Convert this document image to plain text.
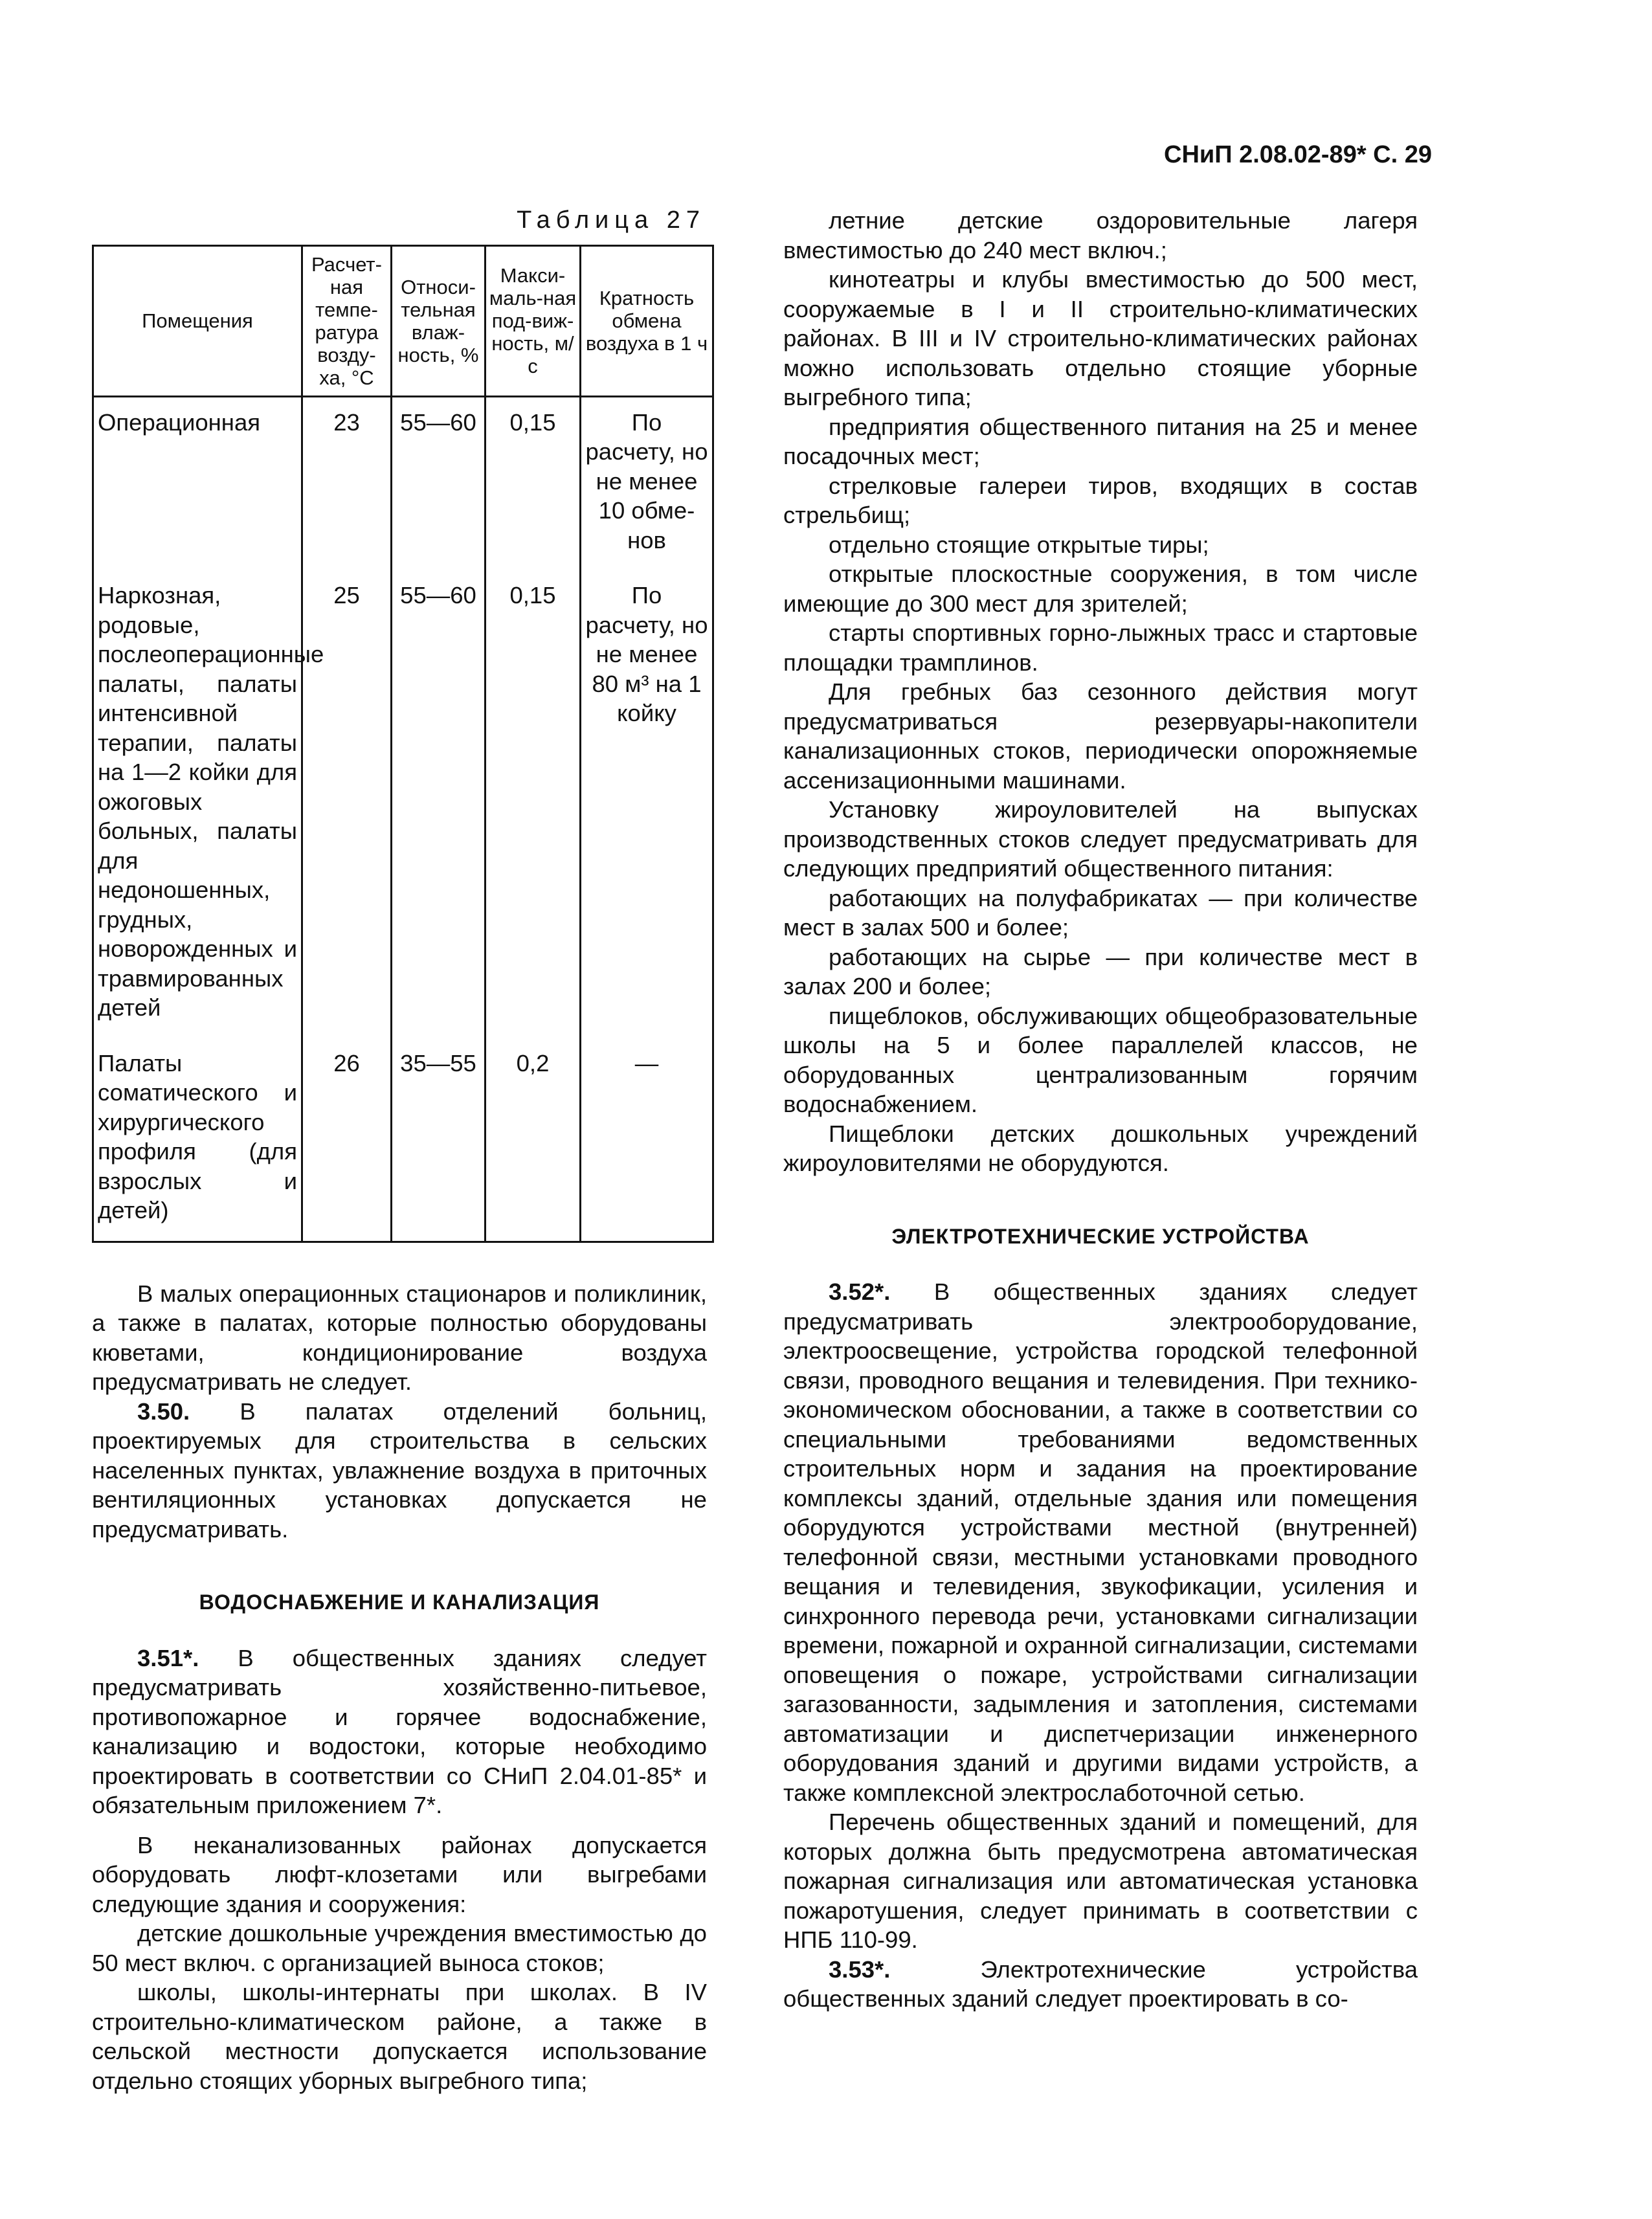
СНиП 2.08.02-89* С. 29
Таблица 27
Помещения	Расчет-ная темпе-ратура возду-ха, °С	Относи-тельная влаж-ность, %	Макси-маль-ная под-виж-ность, м/с	Кратность обмена воздуха в 1 ч
Операционная	23	55—60	0,15	По расчету, но не менее 10 обме-нов
Наркозная, родовые, послеоперационные палаты, палаты интенсивной терапии, палаты на 1—2 койки для ожоговых больных, палаты для недоношенных, грудных, новорожденных и травмированных детей	25	55—60	0,15	По расчету, но не менее 80 м³ на 1 койку
Палаты соматического и хирургического профиля (для взрослых и детей)	26	35—55	0,2	—

В малых операционных стационаров и поликлиник, а также в палатах, которые полностью оборудованы кюветами, кондиционирование воздуха предусматривать не следует.

3.50. В палатах отделений больниц, проектируемых для строительства в сельских населенных пунктах, увлажнение воздуха в приточных вентиляционных установках допускается не предусматривать.

ВОДОСНАБЖЕНИЕ И КАНАЛИЗАЦИЯ

3.51*. В общественных зданиях следует предусматривать хозяйственно-питьевое, противопожарное и горячее водоснабжение, канализацию и водостоки, которые необходимо проектировать в соответствии со СНиП 2.04.01-85* и обязательным приложением 7*.

В неканализованных районах допускается оборудовать люфт-клозетами или выгребами следующие здания и сооружения:

детские дошкольные учреждения вместимостью до 50 мест включ. с организацией выноса стоков;

школы, школы-интернаты при школах. В IV строительно-климатическом районе, а также в сельской местности допускается использование отдельно стоящих уборных выгребного типа;

летние детские оздоровительные лагеря вместимостью до 240 мест включ.;

кинотеатры и клубы вместимостью до 500 мест, сооружаемые в I и II строительно-климатических районах. В III и IV строительно-климатических районах можно использовать отдельно стоящие уборные выгребного типа;

предприятия общественного питания на 25 и менее посадочных мест;

стрелковые галереи тиров, входящих в состав стрельбищ;

отдельно стоящие открытые тиры;

открытые плоскостные сооружения, в том числе имеющие до 300 мест для зрителей;

старты спортивных горно-лыжных трасс и стартовые площадки трамплинов.

Для гребных баз сезонного действия могут предусматриваться резервуары-накопители канализационных стоков, периодически опорожняемые ассенизационными машинами.

Установку жироуловителей на выпусках производственных стоков следует предусматривать для следующих предприятий общественного питания:

работающих на полуфабрикатах — при количестве мест в залах 500 и более;

работающих на сырье — при количестве мест в залах 200 и более;

пищеблоков, обслуживающих общеобразовательные школы на 5 и более параллелей классов, не оборудованных централизованным горячим водоснабжением.

Пищеблоки детских дошкольных учреждений жироуловителями не оборудуются.

ЭЛЕКТРОТЕХНИЧЕСКИЕ УСТРОЙСТВА

3.52*. В общественных зданиях следует предусматривать электрооборудование, электроосвещение, устройства городской телефонной связи, проводного вещания и телевидения. При технико-экономическом обосновании, а также в соответствии со специальными требованиями ведомственных строительных норм и задания на проектирование комплексы зданий, отдельные здания или помещения оборудуются устройствами местной (внутренней) телефонной связи, местными установками проводного вещания и телевидения, звукофикации, усиления и синхронного перевода речи, установками сигнализации времени, пожарной и охранной сигнализации, системами оповещения о пожаре, устройствами сигнализации загазованности, задымления и затопления, системами автоматизации и диспетчеризации инженерного оборудования зданий и другими видами устройств, а также комплексной электрослаботочной сетью.

Перечень общественных зданий и помещений, для которых должна быть предусмотрена автоматическая пожарная сигнализация или автоматическая установка пожаротушения, следует принимать в соответствии с НПБ 110-99.

3.53*. Электротехнические устройства общественных зданий следует проектировать в со-
